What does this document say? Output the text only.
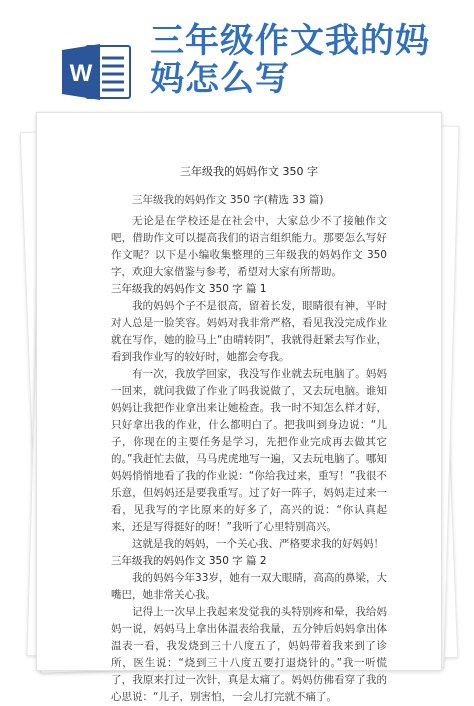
W
三年级作文我的妈
妈怎么写
三年级我的妈妈作文 350 字

三年级我的妈妈作文 350 字(精选 33 篇)

无论是在学校还是在社会中，大家总少不了接触作文吧，借助作文可以提高我们的语言组织能力。那要怎么写好作文呢？以下是小编收集整理的三年级我的妈妈作文 350 字，欢迎大家借鉴与参考，希望对大家有所帮助。

三年级我的妈妈作文 350 字 篇 1

我的妈妈个子不是很高，留着长发，眼睛很有神，平时对人总是一脸笑容。妈妈对我非常严格，看见我没完成作业就在写作，她的脸马上“由晴转阴”，我就得赶紧去写作业，看到我作业写的较好时，她都会夸我。

有一次，我放学回家，我没写作业就去玩电脑了。妈妈一回来，就问我做了作业了吗我说做了，又去玩电脑。谁知妈妈让我把作业拿出来让她检查。我一时不知怎么样才好，只好拿出我的作业，什么都明白了。把我叫到身边说：“儿子，你现在的主要任务是学习，先把作业完成再去做其它的。”我赶忙去做，马马虎虎地写一遍，又去玩电脑了。哪知妈妈悄悄地看了我的作业说：“你给我过来，重写！”我很不乐意，但妈妈还是要我重写。过了好一阵子，妈妈走过来一看，见我写的字比原来的好多了，高兴的说：“你认真起来，还是写得挺好的呀！”我听了心里特别高兴。

这就是我的妈妈，一个关心我、严格要求我的好妈妈！

三年级我的妈妈作文 350 字 篇 2

我的妈妈今年33岁，她有一双大眼睛，高高的鼻梁，大嘴巴，她非常关心我。

记得上一次早上我起来发觉我的头特别疼和晕，我给妈妈一说，妈妈马上拿出体温表给我量，五分钟后妈妈拿出体温表一看，我发烧到三十八度五了，妈妈带着我来到了诊所，医生说：“烧到三十八度五要打退烧针的。”我一听慌了，我原来打过一次针，真是太痛了。妈妈仿佛看穿了我的心思说：“儿子，别害怕，一会儿打完就不痛了。
